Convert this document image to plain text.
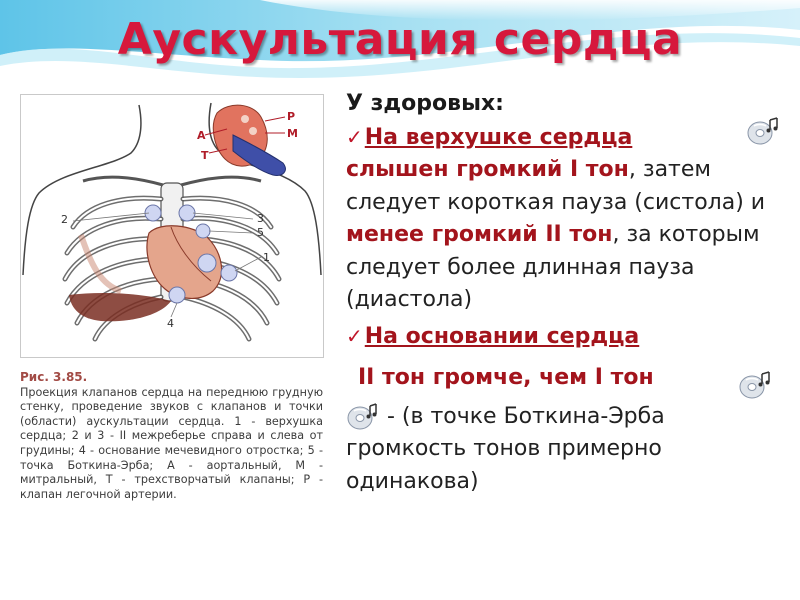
Аускультация сердца
А
Р
М
Т
2	3
5
1
4
Рис. 3.85.
Проекция клапанов сердца на переднюю грудную стенку, проведение звуков с клапанов и точки (области) аускультации сердца. 1 - верхушка сердца; 2 и 3 - II межреберье справа и слева от грудины; 4 - основание мечевидного отростка; 5 - точка Боткина-Эрба; А - аортальный, М - митральный, Т - трехстворчатый клапаны; Р - клапан легочной артерии.

У здоровых:

✓На верхушке сердца
слышен громкий I тон, затем следует короткая пауза (систола) и менее громкий II тон, за которым следует более длинная пауза (диастола)

✓На основании сердца

II тон громче, чем I тон

- (в точке Боткина-Эрба громкость тонов примерно одинакова)
